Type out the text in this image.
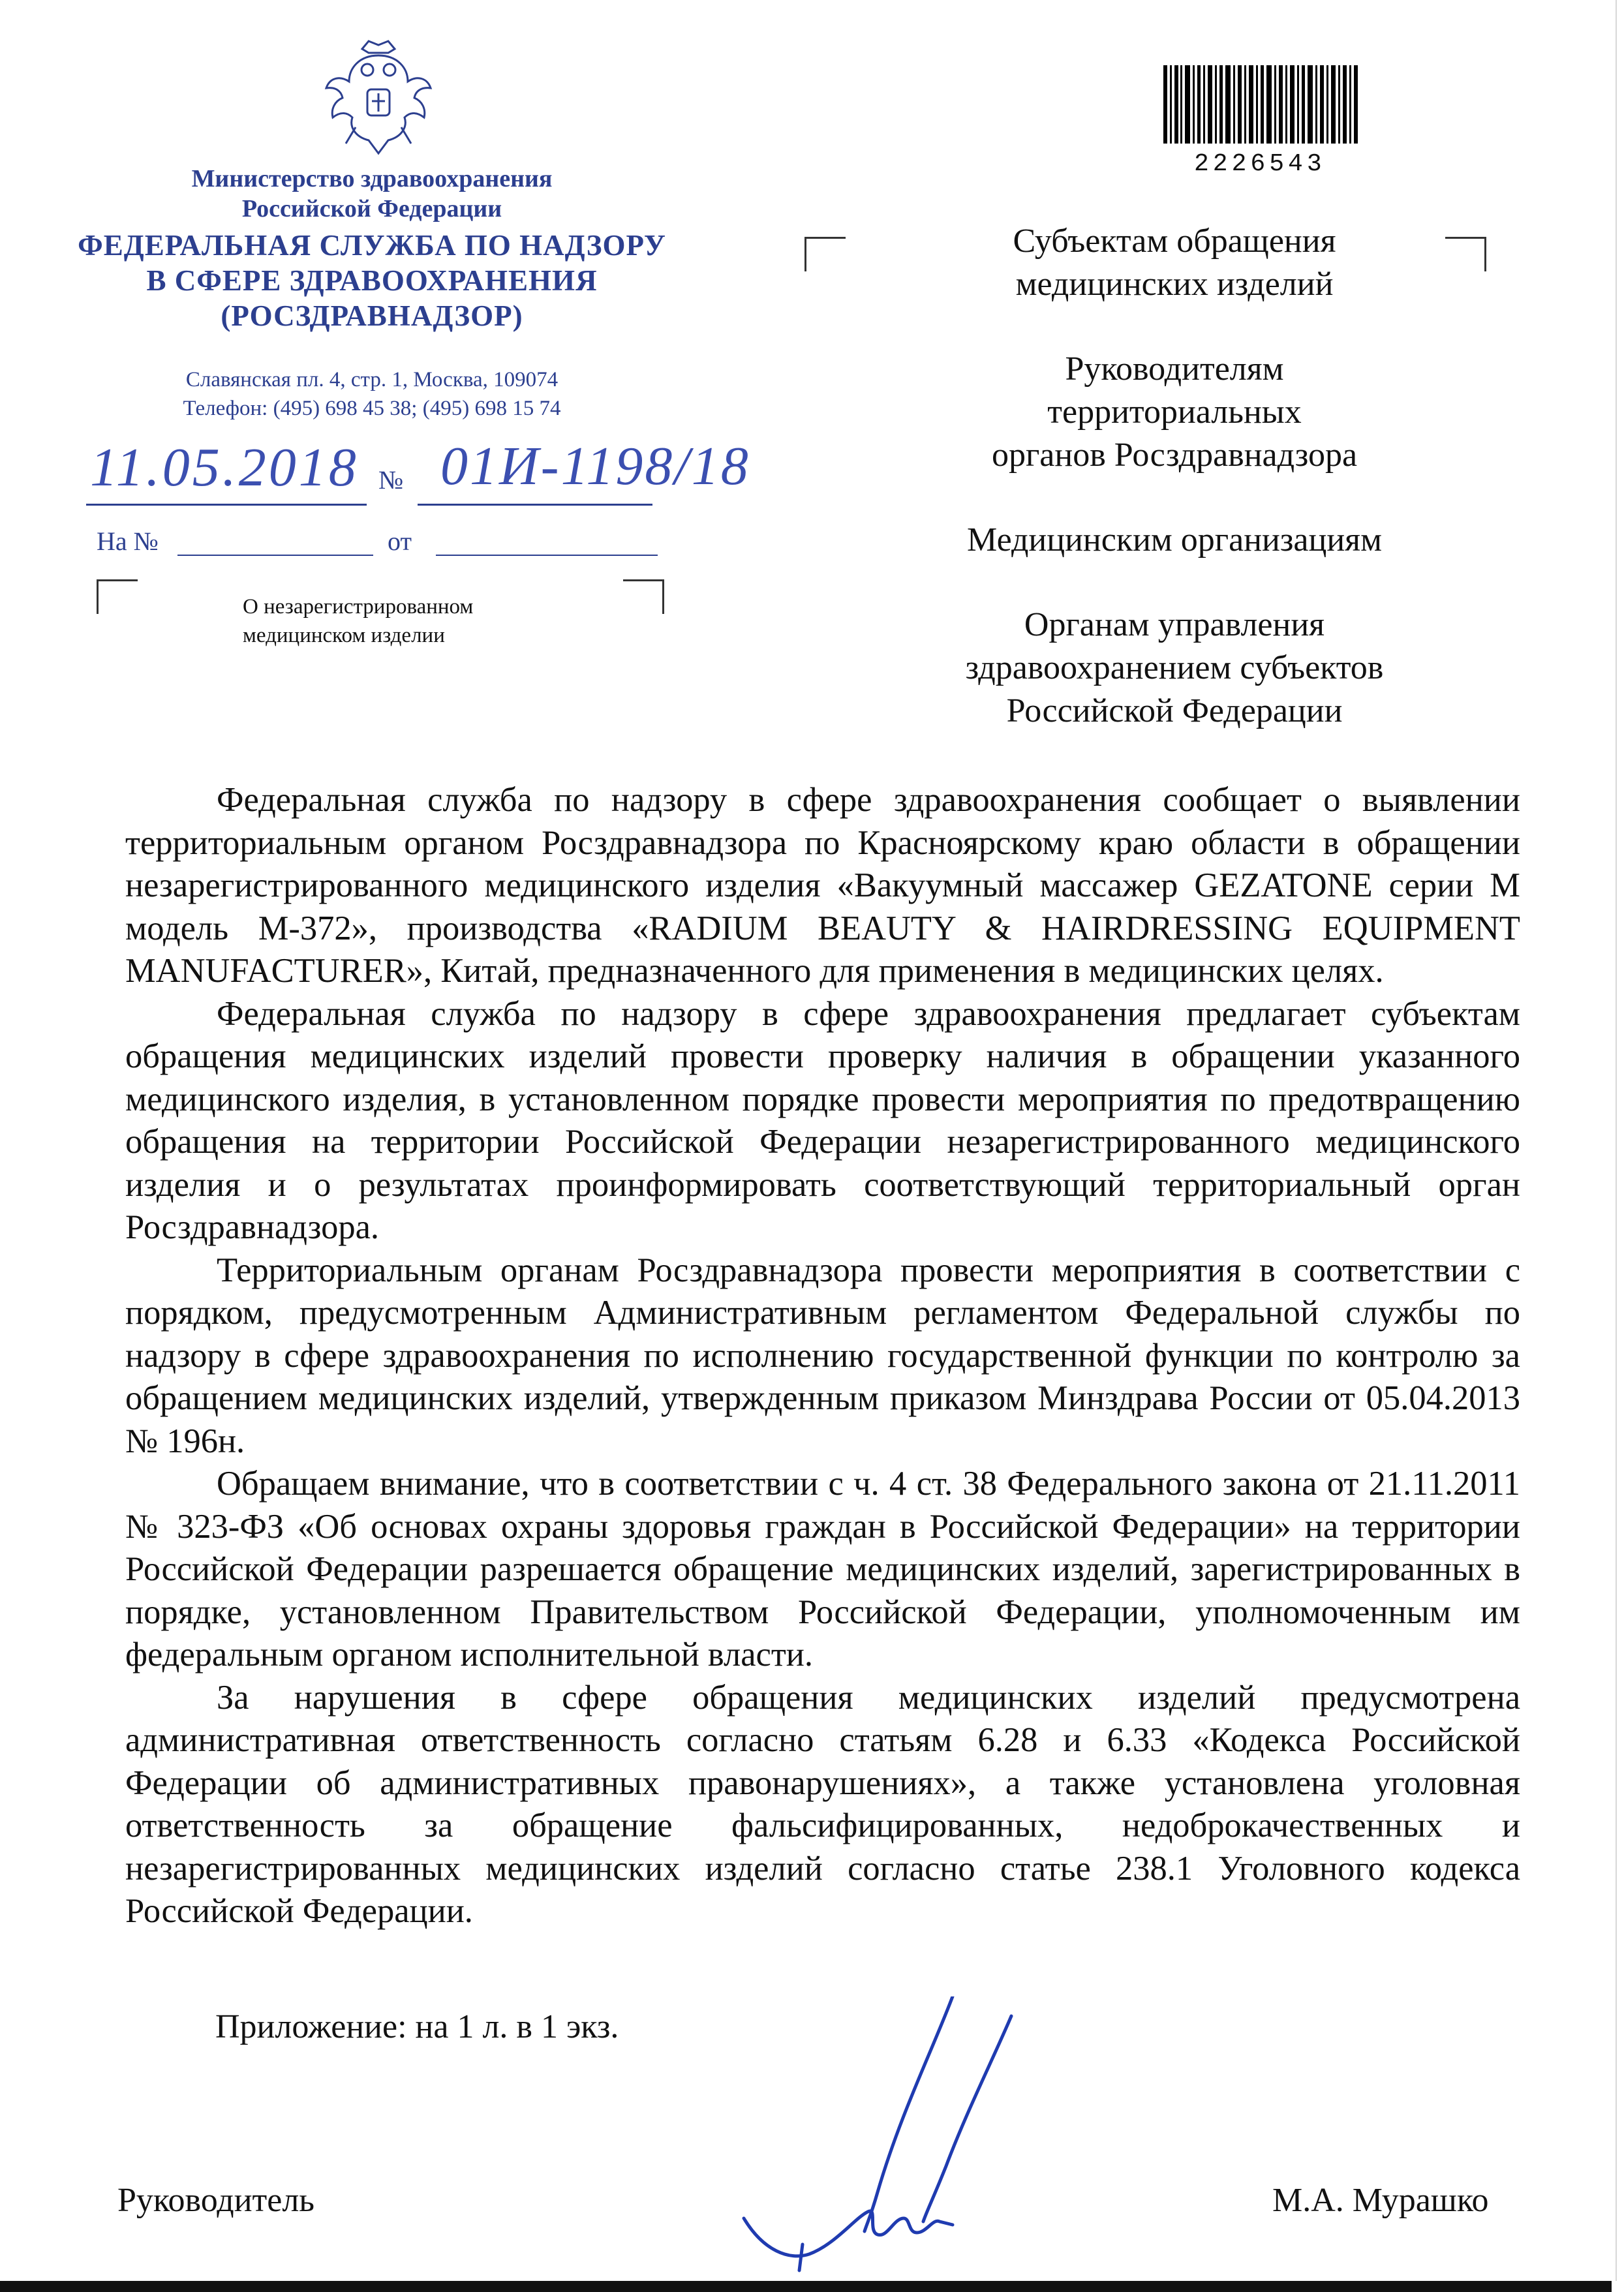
Министерство здравоохранения
Российской Федерации
ФЕДЕРАЛЬНАЯ СЛУЖБА ПО НАДЗОРУ
В СФЕРЕ ЗДРАВООХРАНЕНИЯ
(РОСЗДРАВНАДЗОР)
Славянская пл. 4, стр. 1, Москва, 109074
Телефон: (495) 698 45 38; (495) 698 15 74
11.05.2018 № 01И-1198/18
На №	от
О незарегистрированном
медицинском изделии
2226543
Субъектам обращения
медицинских изделий
Руководителям
территориальных
органов Росздравнадзора
Медицинским организациям
Органам управления
здравоохранением субъектов
Российской Федерации

Федеральная служба по надзору в сфере здравоохранения сообщает о выявлении территориальным органом Росздравнадзора по Красноярскому краю области в обращении незарегистрированного медицинского изделия «Вакуумный массажер GEZATONE серии M модель M-372», производства «RADIUM BEAUTY & HAIRDRESSING EQUIPMENT MANUFACTURER», Китай, предназначенного для применения в медицинских целях.

Федеральная служба по надзору в сфере здравоохранения предлагает субъектам обращения медицинских изделий провести проверку наличия в обращении указанного медицинского изделия, в установленном порядке провести мероприятия по предотвращению обращения на территории Российской Федерации незарегистрированного медицинского изделия и о результатах проинформировать соответствующий территориальный орган Росздравнадзора.

Территориальным органам Росздравнадзора провести мероприятия в соответствии с порядком, предусмотренным Административным регламентом Федеральной службы по надзору в сфере здравоохранения по исполнению государственной функции по контролю за обращением медицинских изделий, утвержденным приказом Минздрава России от 05.04.2013 № 196н.

Обращаем внимание, что в соответствии с ч. 4 ст. 38 Федерального закона от 21.11.2011 № 323-ФЗ «Об основах охраны здоровья граждан в Российской Федерации» на территории Российской Федерации разрешается обращение медицинских изделий, зарегистрированных в порядке, установленном Правительством Российской Федерации, уполномоченным им федеральным органом исполнительной власти.

За нарушения в сфере обращения медицинских изделий предусмотрена административная ответственность согласно статьям 6.28 и 6.33 «Кодекса Российской Федерации об административных правонарушениях», а также установлена уголовная ответственность за обращение фальсифицированных, недоброкачественных и незарегистрированных медицинских изделий согласно статье 238.1 Уголовного кодекса Российской Федерации.

Приложение: на 1 л. в 1 экз.
Руководитель	М.А. Мурашко
